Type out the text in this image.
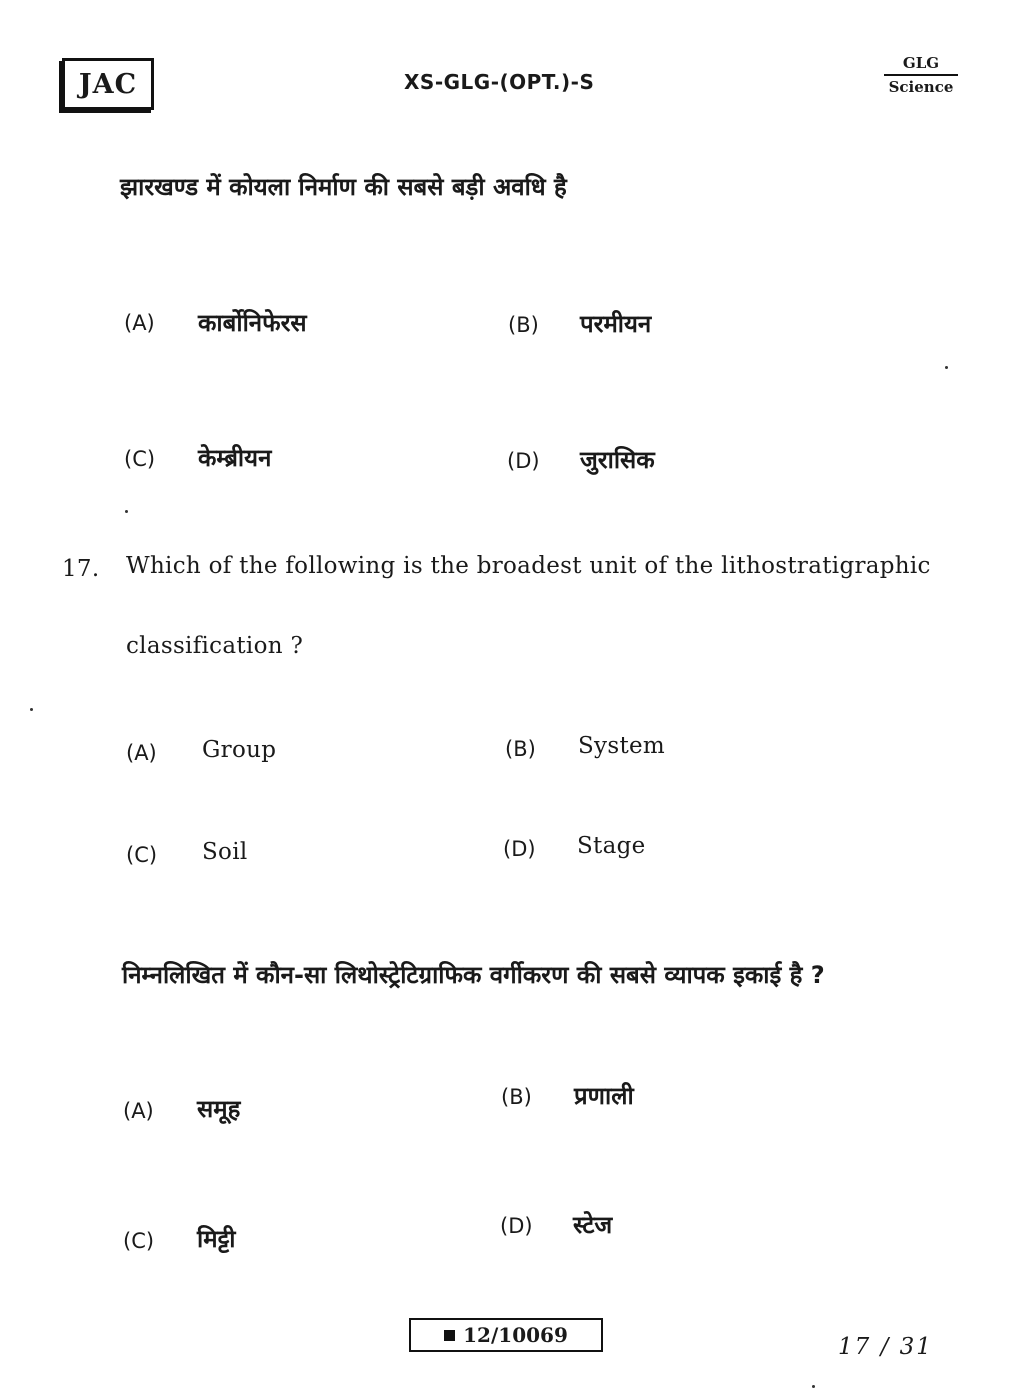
JAC	XS-GLG-(OPT.)-S
GLG
Science
झारखण्ड में कोयला निर्माण की सबसे बड़ी अवधि है
(A) कार्बोनिफेरस	(B) परमीयन
(C) केम्ब्रीयन	(D) जुरासिक
17. Which of the following is the broadest unit of the lithostratigraphic
classification ?
(A) Group	(B) System
(C) Soil	(D) Stage
निम्नलिखित में कौन-सा लिथोस्ट्रेटिग्राफिक वर्गीकरण की सबसे व्यापक इकाई है ?
(A) समूह	(B) प्रणाली
(C) मिट्टी	(D) स्टेज
12/10069	17 / 31
